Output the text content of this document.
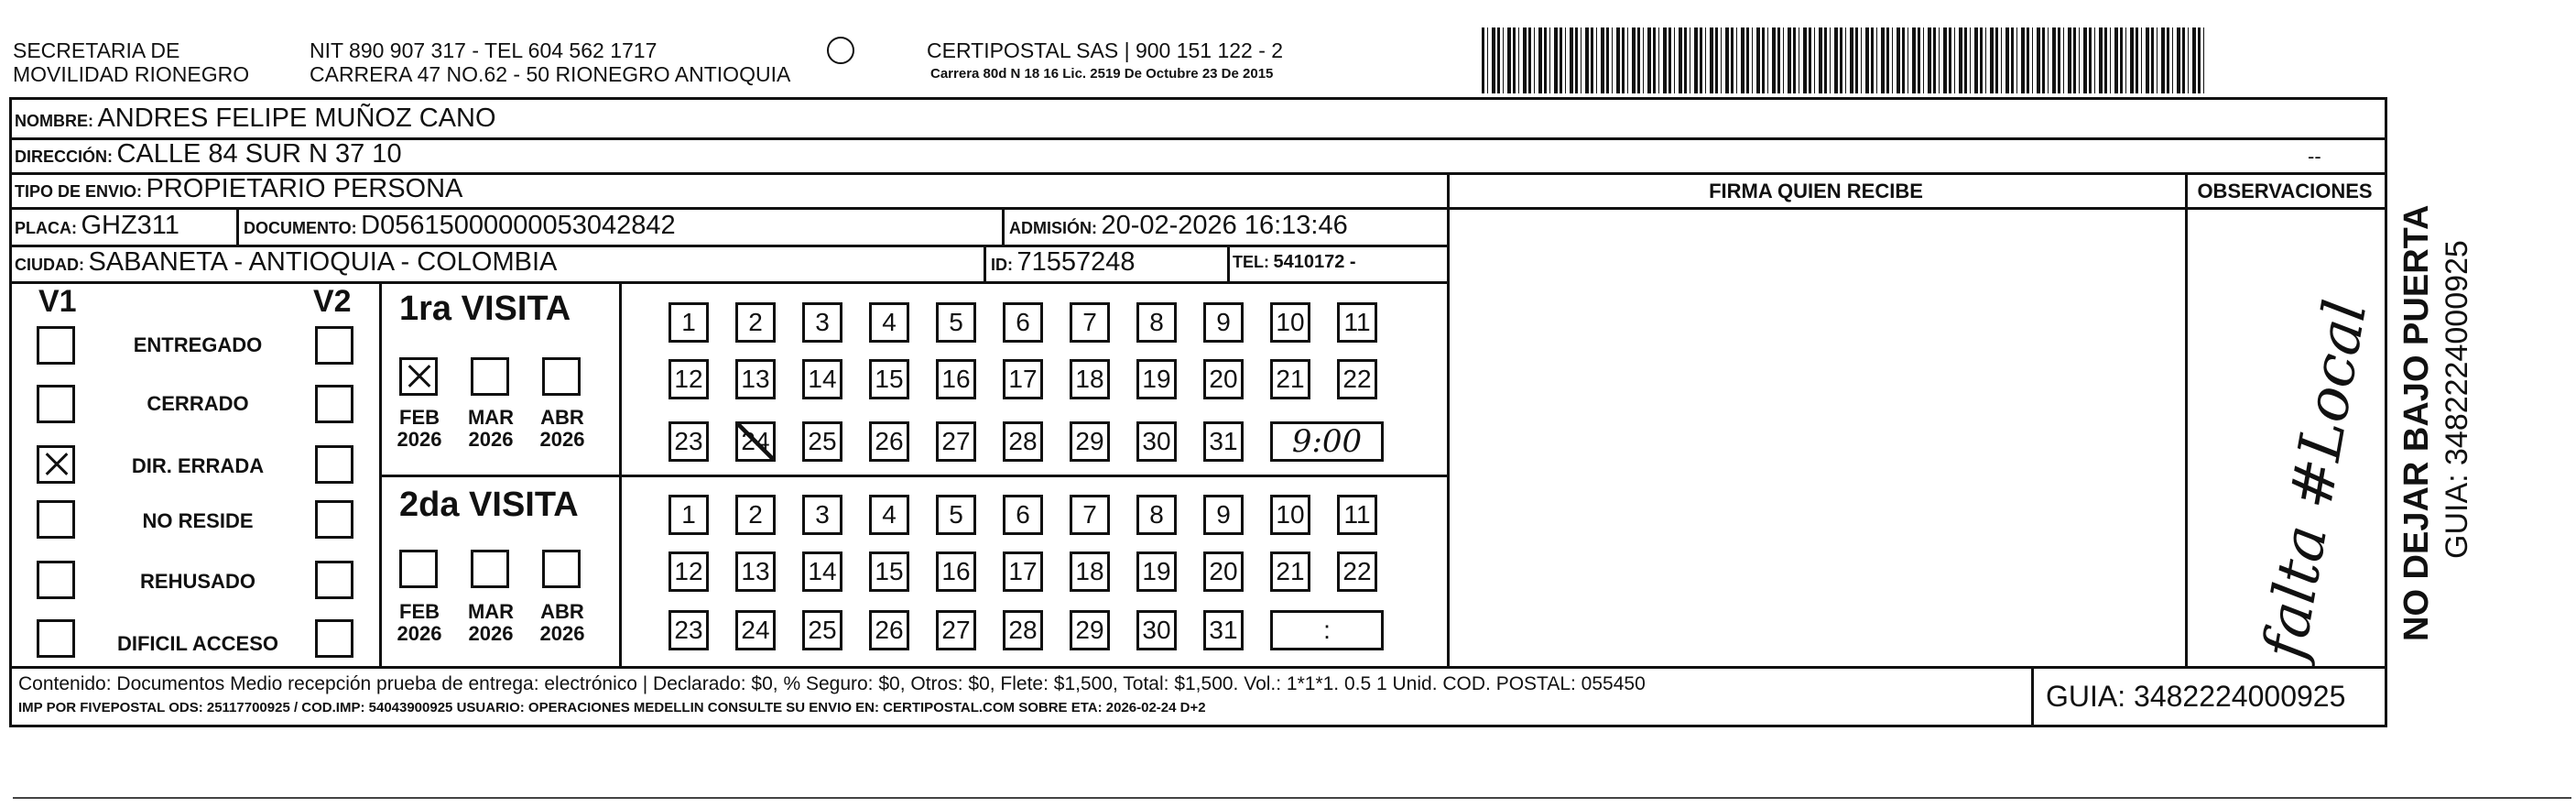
SECRETARIA DE
MOVILIDAD RIONEGRO
NIT 890 907 317 - TEL 604 562 1717
CARRERA 47 NO.62 - 50 RIONEGRO ANTIOQUIA
CERTIPOSTAL SAS | 900 151 122 - 2
Carrera 80d N 18 16 Lic. 2519 De Octubre 23 De 2015
NOMBRE: ANDRES FELIPE MUÑOZ CANO
DIRECCIÓN: CALLE 84 SUR N 37 10	--
TIPO DE ENVIO: PROPIETARIO PERSONA	FIRMA QUIEN RECIBE	OBSERVACIONES
PLACA: GHZ311	DOCUMENTO: D05615000000053042842	ADMISIÓN: 20-02-2026 16:13:46
CIUDAD: SABANETA - ANTIOQUIA - COLOMBIA	ID: 71557248	TEL: 5410172 -
V1	V2
ENTREGADO
CERRADO
DIR. ERRADA
NO RESIDE
REHUSADO
DIFICIL ACCESO
1ra VISITA
FEB
2026
MAR
2026
ABR
2026
2da VISITA
FEB
2026
MAR
2026
ABR
2026
1	2	3	4	5	6	7	8	9	10 11
12 13 14 15 16 17 18 19 20 21 22
23 24 25 26 27 28 29 30 31	9:00
1	2	3	4	5	6	7	8	9	10 11
12 13 14 15 16 17 18 19 20 21 22
23 24 25 26 27 28 29 30 31	:	falta #Local
Contenido: Documentos Medio recepción prueba de entrega: electrónico | Declarado: $0, % Seguro: $0, Otros: $0, Flete: $1,500, Total: $1,500. Vol.: 1*1*1. 0.5 1 Unid. COD. POSTAL: 055450
IMP POR FIVEPOSTAL ODS: 25117700925 / COD.IMP: 54043900925 USUARIO: OPERACIONES MEDELLIN CONSULTE SU ENVIO EN: CERTIPOSTAL.COM SOBRE ETA: 2026-02-24 D+2	GUIA: 3482224000925
NO DEJAR BAJO PUERTA GUIA: 3482224000925
